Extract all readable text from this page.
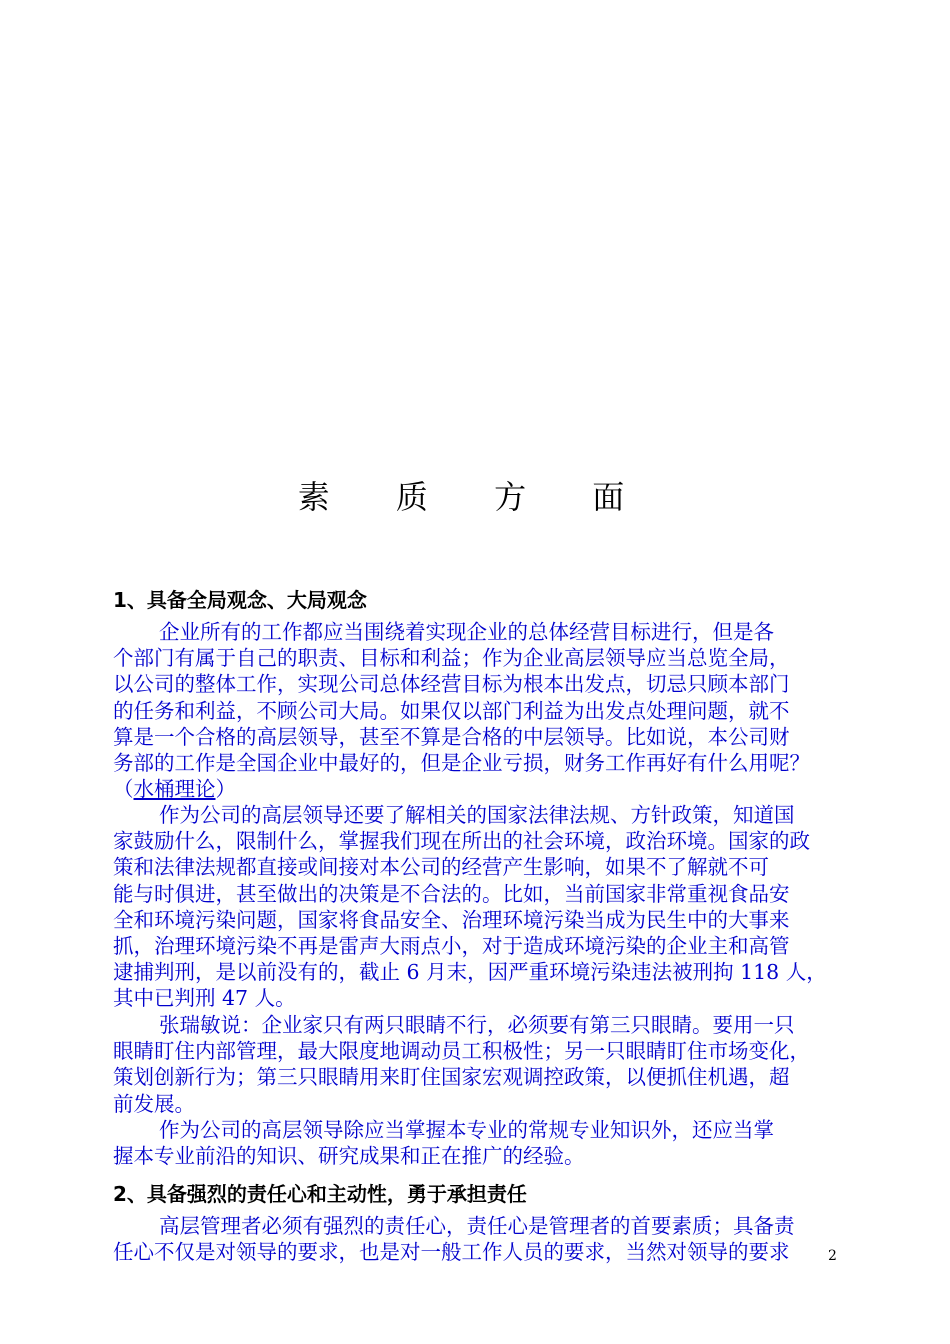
素 质 方 面
1、具备全局观念、大局观念
企业所有的工作都应当围绕着实现企业的总体经营目标进行，但是各
个部门有属于自己的职责、目标和利益；作为企业高层领导应当总览全局，
以公司的整体工作，实现公司总体经营目标为根本出发点，切忌只顾本部门
的任务和利益，不顾公司大局。如果仅以部门利益为出发点处理问题，就不
算是一个合格的高层领导，甚至不算是合格的中层领导。比如说，本公司财
务部的工作是全国企业中最好的，但是企业亏损，财务工作再好有什么用呢？
（水桶理论）
作为公司的高层领导还要了解相关的国家法律法规、方针政策，知道国
家鼓励什么，限制什么，掌握我们现在所出的社会环境，政治环境。国家的政
策和法律法规都直接或间接对本公司的经营产生影响，如果不了解就不可
能与时俱进，甚至做出的决策是不合法的。比如，当前国家非常重视食品安
全和环境污染问题，国家将食品安全、治理环境污染当成为民生中的大事来
抓，治理环境污染不再是雷声大雨点小，对于造成环境污染的企业主和高管
逮捕判刑，是以前没有的，截止 6 月末，因严重环境污染违法被刑拘 118 人，
其中已判刑 47 人。
张瑞敏说：企业家只有两只眼睛不行，必须要有第三只眼睛。要用一只
眼睛盯住内部管理，最大限度地调动员工积极性；另一只眼睛盯住市场变化，
策划创新行为；第三只眼睛用来盯住国家宏观调控政策，以便抓住机遇，超
前发展。
作为公司的高层领导除应当掌握本专业的常规专业知识外，还应当掌
握本专业前沿的知识、研究成果和正在推广的经验。
2、具备强烈的责任心和主动性，勇于承担责任
高层管理者必须有强烈的责任心，责任心是管理者的首要素质；具备责
任心不仅是对领导的要求，也是对一般工作人员的要求，当然对领导的要求	2
